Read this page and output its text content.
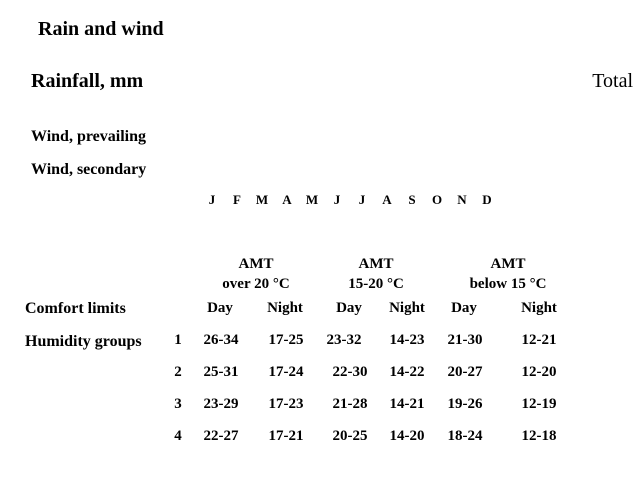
Rain and wind
Rainfall, mm	Total
Wind, prevailing
Wind, secondary
J F M A M J J A S O N D
AMT
over 20 °C
AMT
15-20 °C
AMT
below 15 °C
Comfort limits	Day Night Day Night Day	Night
Humidity groups 1 26-34 17-25 23-32 14-23 21-30	12-21
2 25-31 17-24 22-30 14-22 20-27	12-20
3 23-29 17-23 21-28 14-21 19-26	12-19
4 22-27 17-21 20-25 14-20 18-24	12-18
